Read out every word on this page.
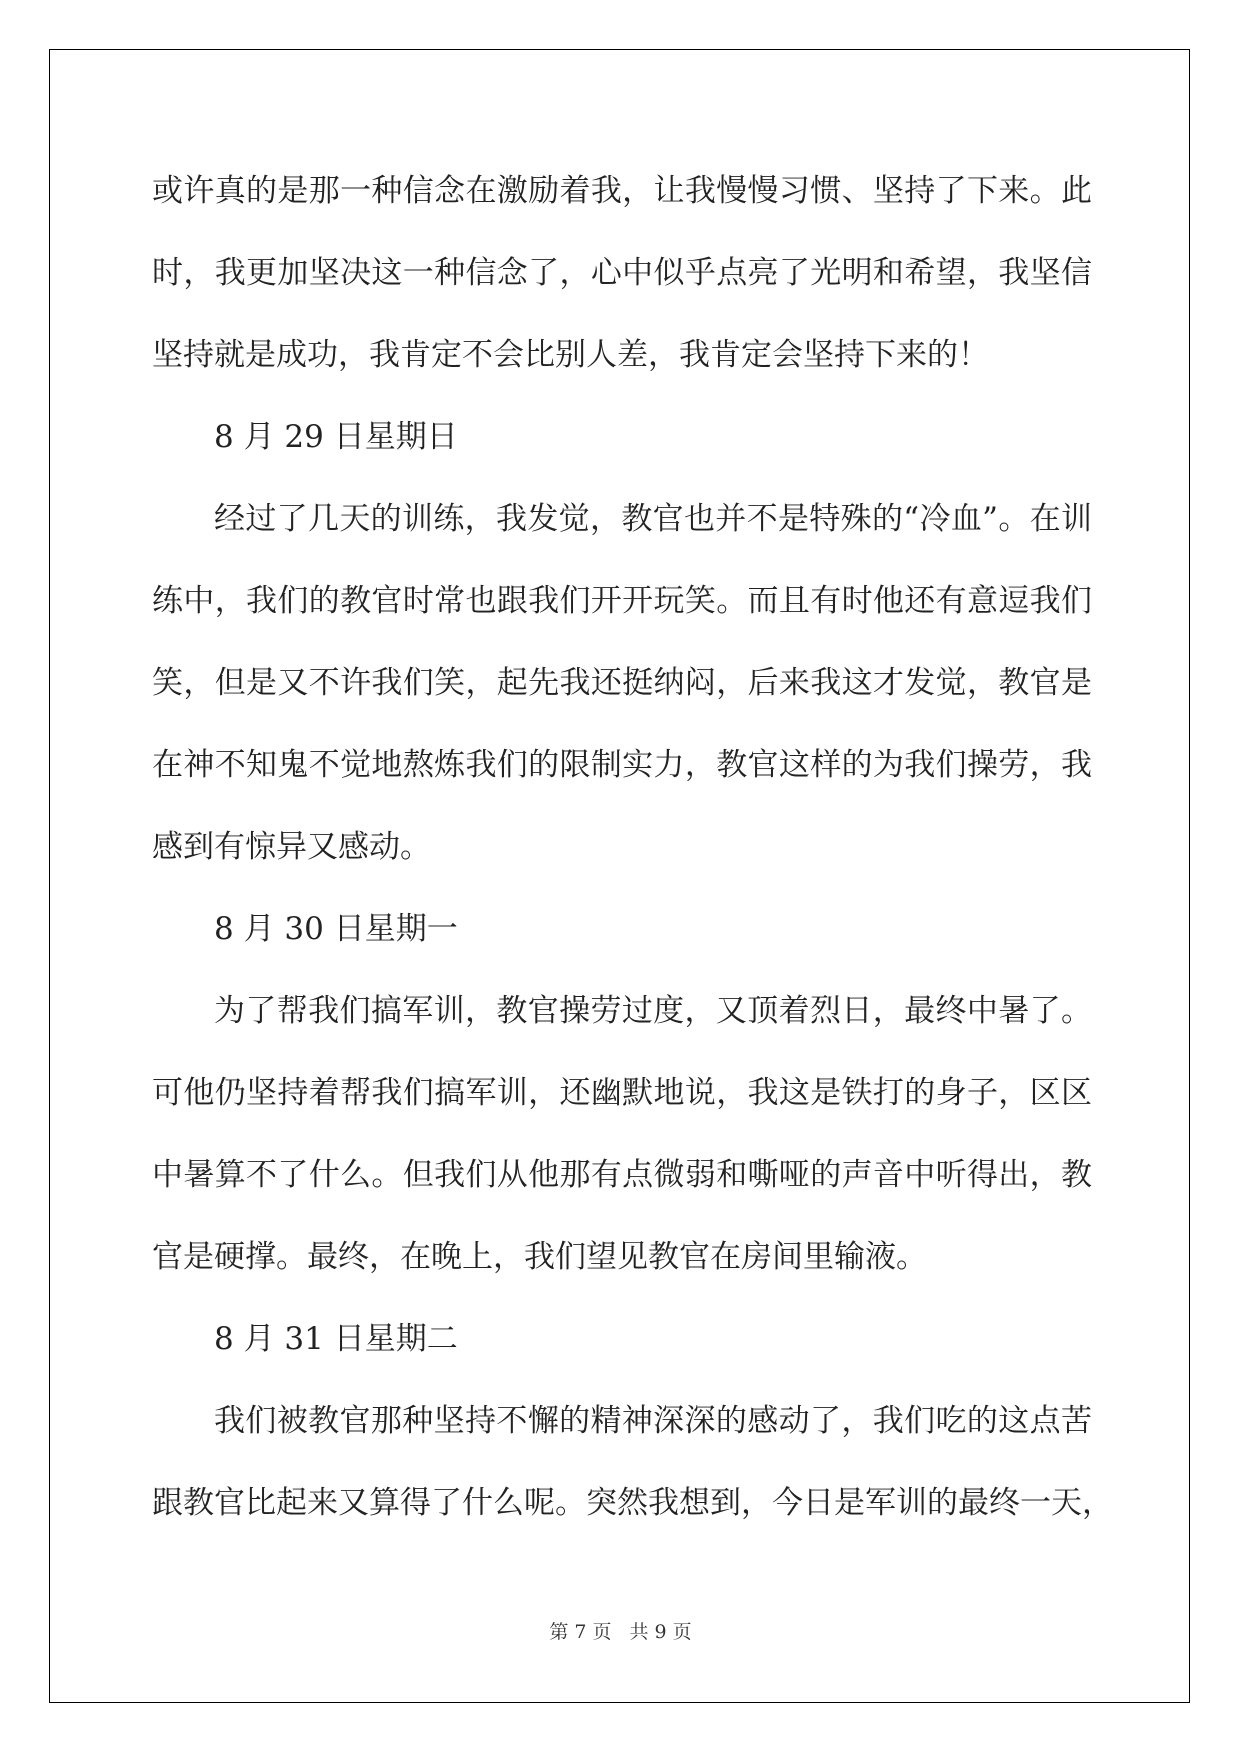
或许真的是那一种信念在激励着我，让我慢慢习惯、坚持了下来。此
时，我更加坚决这一种信念了，心中似乎点亮了光明和希望，我坚信
坚持就是成功，我肯定不会比别人差，我肯定会坚持下来的！
8 月 29 日星期日
经过了几天的训练，我发觉，教官也并不是特殊的“冷血”。在训
练中，我们的教官时常也跟我们开开玩笑。而且有时他还有意逗我们
笑，但是又不许我们笑，起先我还挺纳闷，后来我这才发觉，教官是
在神不知鬼不觉地熬炼我们的限制实力，教官这样的为我们操劳，我
感到有惊异又感动。
8 月 30 日星期一
为了帮我们搞军训，教官操劳过度，又顶着烈日，最终中暑了。
可他仍坚持着帮我们搞军训，还幽默地说，我这是铁打的身子，区区
中暑算不了什么。但我们从他那有点微弱和嘶哑的声音中听得出，教
官是硬撑。最终，在晚上，我们望见教官在房间里输液。
8 月 31 日星期二
我们被教官那种坚持不懈的精神深深的感动了，我们吃的这点苦
跟教官比起来又算得了什么呢。突然我想到，今日是军训的最终一天，
第 7 页 共 9 页
